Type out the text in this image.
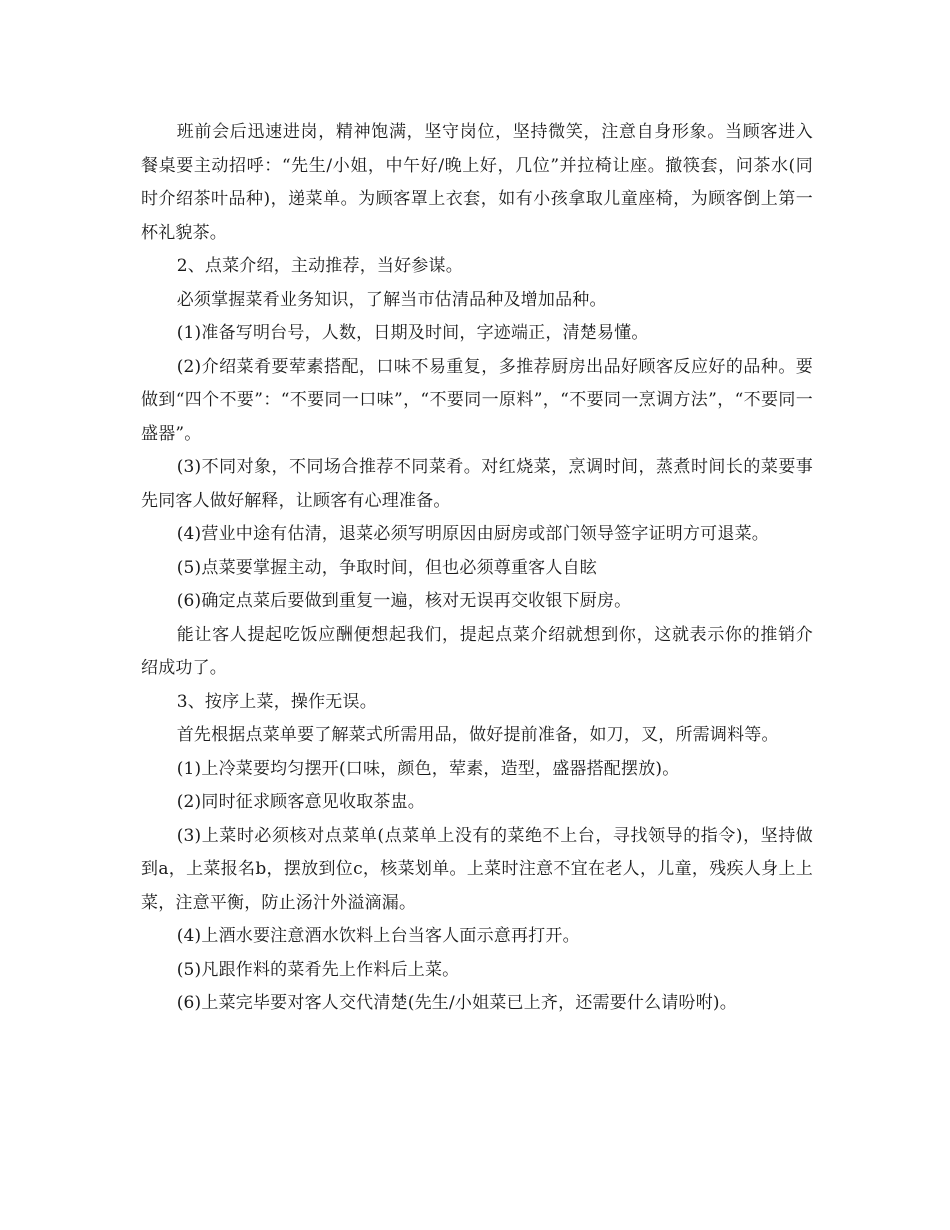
班前会后迅速进岗，精神饱满，坚守岗位，坚持微笑，注意自身形象。当顾客进入餐桌要主动招呼：“先生/小姐，中午好/晚上好，几位”并拉椅让座。撤筷套，问茶水(同时介绍茶叶品种)，递菜单。为顾客罩上衣套，如有小孩拿取儿童座椅，为顾客倒上第一杯礼貌茶。

2、点菜介绍，主动推荐，当好参谋。

必须掌握菜肴业务知识，了解当市估清品种及增加品种。

(1)准备写明台号，人数，日期及时间，字迹端正，清楚易懂。

(2)介绍菜肴要荤素搭配，口味不易重复，多推荐厨房出品好顾客反应好的品种。要做到“四个不要”：“不要同一口味”，“不要同一原料”，“不要同一烹调方法”，“不要同一盛器”。

(3)不同对象，不同场合推荐不同菜肴。对红烧菜，烹调时间，蒸煮时间长的菜要事先同客人做好解释，让顾客有心理准备。

(4)营业中途有估清，退菜必须写明原因由厨房或部门领导签字证明方可退菜。

(5)点菜要掌握主动，争取时间，但也必须尊重客人自眩

(6)确定点菜后要做到重复一遍，核对无误再交收银下厨房。

能让客人提起吃饭应酬便想起我们，提起点菜介绍就想到你，这就表示你的推销介绍成功了。

3、按序上菜，操作无误。

首先根据点菜单要了解菜式所需用品，做好提前准备，如刀，叉，所需调料等。

(1)上冷菜要均匀摆开(口味，颜色，荤素，造型，盛器搭配摆放)。

(2)同时征求顾客意见收取茶盅。

(3)上菜时必须核对点菜单(点菜单上没有的菜绝不上台，寻找领导的指令)，坚持做到a，上菜报名b，摆放到位c，核菜划单。上菜时注意不宜在老人，儿童，残疾人身上上菜，注意平衡，防止汤汁外溢滴漏。

(4)上酒水要注意酒水饮料上台当客人面示意再打开。

(5)凡跟作料的菜肴先上作料后上菜。

(6)上菜完毕要对客人交代清楚(先生/小姐菜已上齐，还需要什么请吩咐)。
